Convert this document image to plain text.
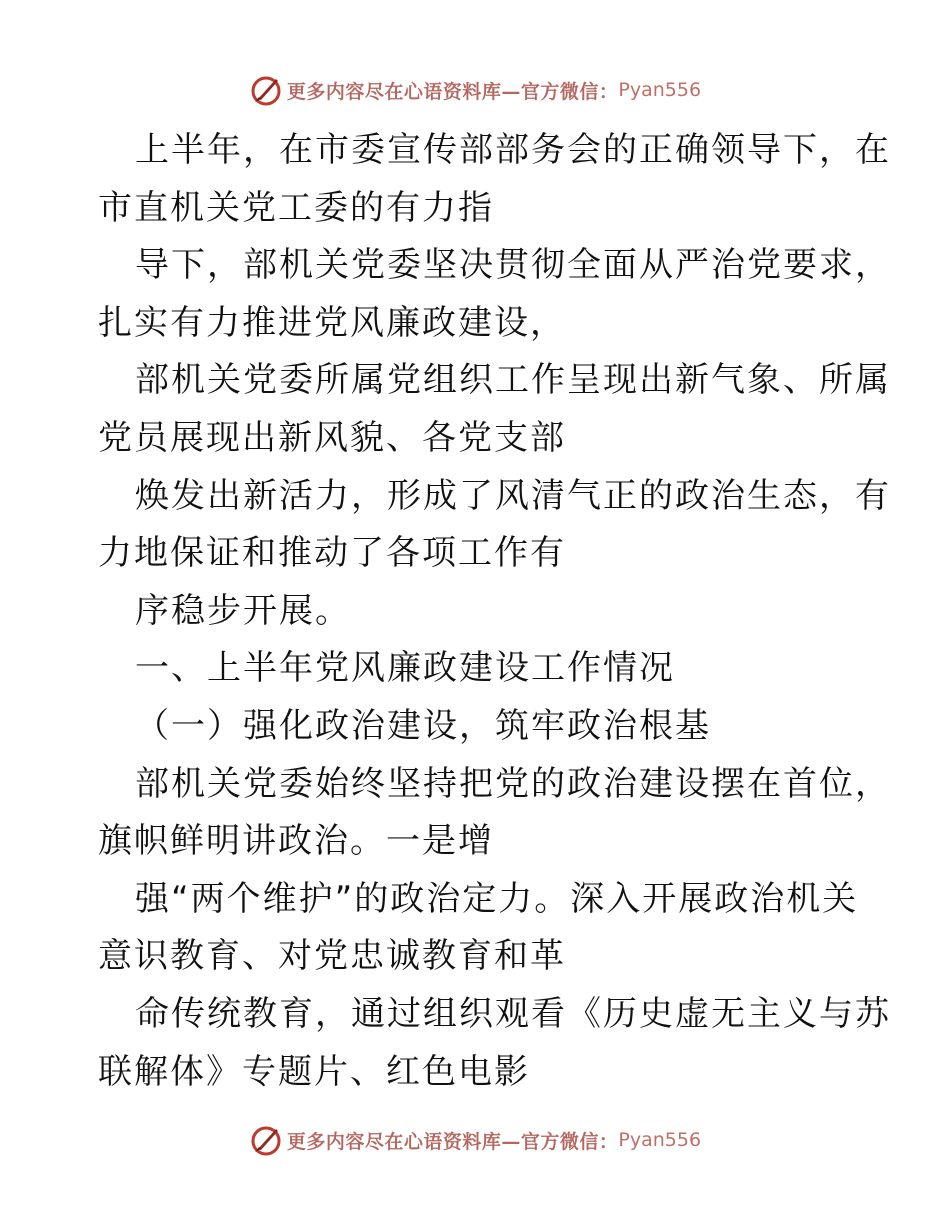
更多内容尽在心语资料库—官方微信： Pyan556
上半年，在市委宣传部部务会的正确领导下，在
市直机关党工委的有力指
导下，部机关党委坚决贯彻全面从严治党要求，
扎实有力推进党风廉政建设，
部机关党委所属党组织工作呈现出新气象、所属
党员展现出新风貌、各党支部
焕发出新活力，形成了风清气正的政治生态，有
力地保证和推动了各项工作有
序稳步开展。
一、上半年党风廉政建设工作情况
（一）强化政治建设，筑牢政治根基
部机关党委始终坚持把党的政治建设摆在首位，
旗帜鲜明讲政治。一是增
强“两个维护”的政治定力。深入开展政治机关
意识教育、对党忠诚教育和革
命传统教育，通过组织观看《历史虚无主义与苏
联解体》专题片、红色电影
更多内容尽在心语资料库—官方微信： Pyan556
